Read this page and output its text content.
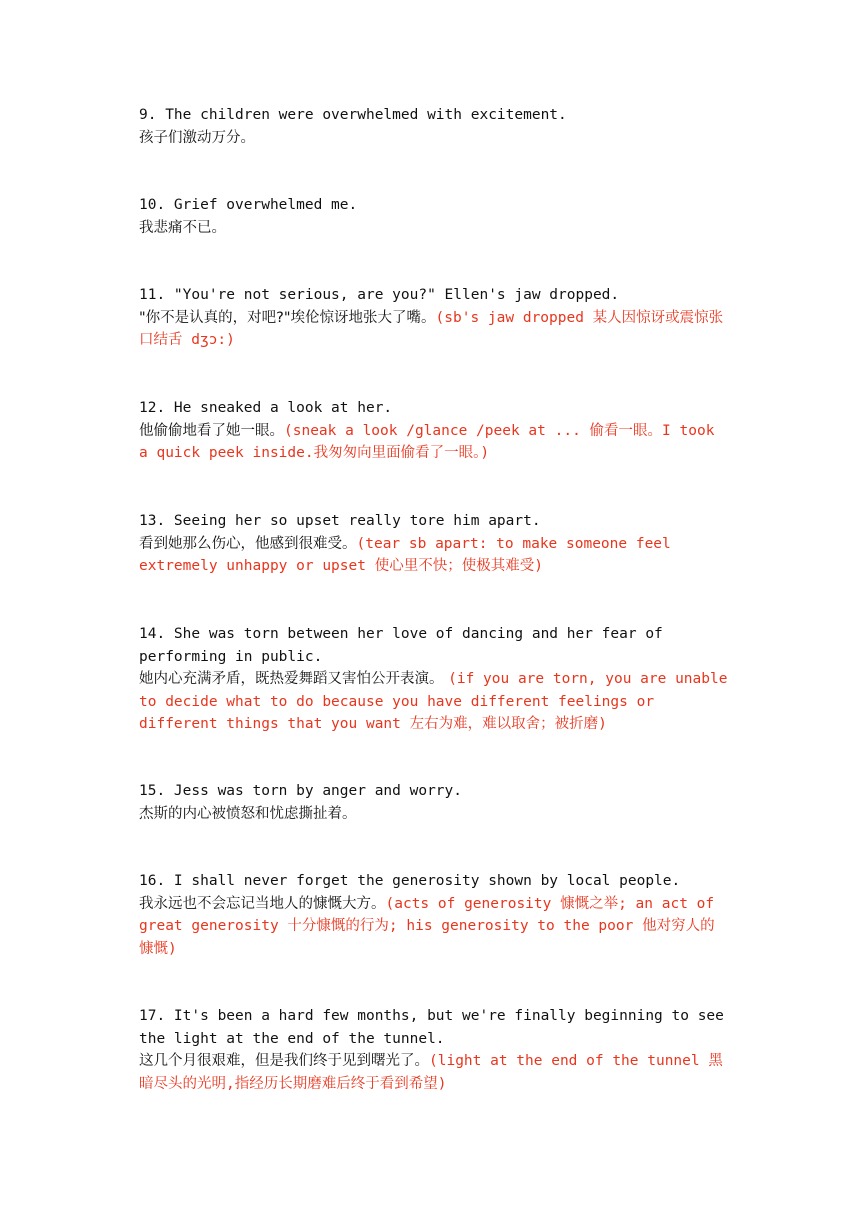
9. The children were overwhelmed with excitement.

孩子们激动万分。

10. Grief overwhelmed me.

我悲痛不已。

11. "You're not serious, are you?" Ellen's jaw dropped.

"你不是认真的，对吧?"埃伦惊讶地张大了嘴。(sb's jaw dropped 某人因惊讶或震惊张口结舌 dʒɔ:)

12. He sneaked a look at her.

他偷偷地看了她一眼。(sneak a look /glance /peek at ... 偷看一眼。I took a quick peek inside.我匆匆向里面偷看了一眼。)

13. Seeing her so upset really tore him apart.

看到她那么伤心，他感到很难受。(tear sb apart: to make someone feel extremely unhappy or upset 使心里不快；使极其难受)

14. She was torn between her love of dancing and her fear of performing in public.

她内心充满矛盾，既热爱舞蹈又害怕公开表演。 (if you are torn, you are unable to decide what to do because you have different feelings or different things that you want 左右为难，难以取舍；被折磨)

15. Jess was torn by anger and worry.

杰斯的内心被愤怒和忧虑撕扯着。

16. I shall never forget the generosity shown by local people.

我永远也不会忘记当地人的慷慨大方。(acts of generosity 慷慨之举; an act of great generosity 十分慷慨的行为; his generosity to the poor 他对穷人的慷慨)

17. It's been a hard few months, but we're finally beginning to see the light at the end of the tunnel.

这几个月很艰难，但是我们终于见到曙光了。(light at the end of the tunnel 黑暗尽头的光明,指经历长期磨难后终于看到希望)
